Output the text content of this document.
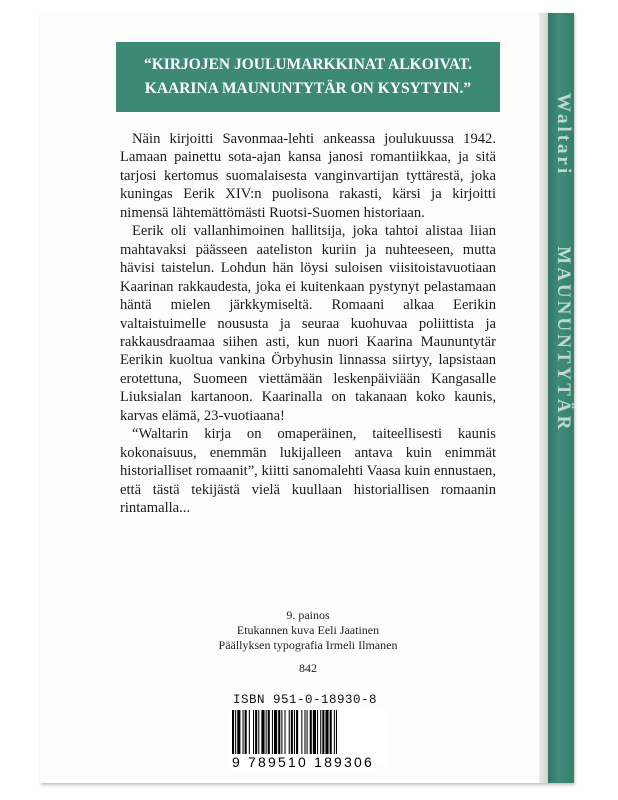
“KIRJOJEN JOULUMARKKINAT ALKOIVAT.
KAARINA MAUNUNTYTÄR ON KYSYTYIN.”

Näin kirjoitti Savonmaa-lehti ankeassa joulukuussa 1942. Lamaan painettu sota-ajan kansa janosi romantiikkaa, ja sitä tarjosi kertomus suomalaisesta vanginvartijan tyttärestä, joka kuningas Eerik XIV:n puolisona rakasti, kärsi ja kirjoitti nimensä lähtemättömästi Ruotsi-Suomen historiaan.

Eerik oli vallanhimoinen hallitsija, joka tahtoi alistaa liian mahtavaksi päässeen aateliston kuriin ja nuhteeseen, mutta hävisi taistelun. Lohdun hän löysi suloisen viisitoistavuotiaan Kaarinan rakkaudesta, joka ei kuitenkaan pystynyt pelastamaan häntä mielen järkkymiseltä. Romaani alkaa Eerikin valtaistuimelle noususta ja seuraa kuohuvaa poliittista ja rakkausdraamaa siihen asti, kun nuori Kaarina Maununtytär Eerikin kuoltua vankina Örbyhusin linnassa siirtyy, lapsistaan erotettuna, Suomeen viettämään leskenpäiviään Kangasalle Liuksialan kartanoon. Kaarinalla on takanaan koko kaunis, karvas elämä, 23-vuotiaana!

“Waltarin kirja on omaperäinen, taiteellisesti kaunis kokonaisuus, enemmän lukijalleen antava kuin enimmät historialliset romaanit”, kiitti sanomalehti Vaasa kuin ennustaen, että tästä tekijästä vielä kuullaan historiallisen romaanin rintamalla...

9. painos
Etukannen kuva Eeli Jaatinen
Päällyksen typografia Irmeli Ilmanen
842
ISBN 951-0-18930-8
9 789510 189306
WaltariMAUNUNTYTÄR
